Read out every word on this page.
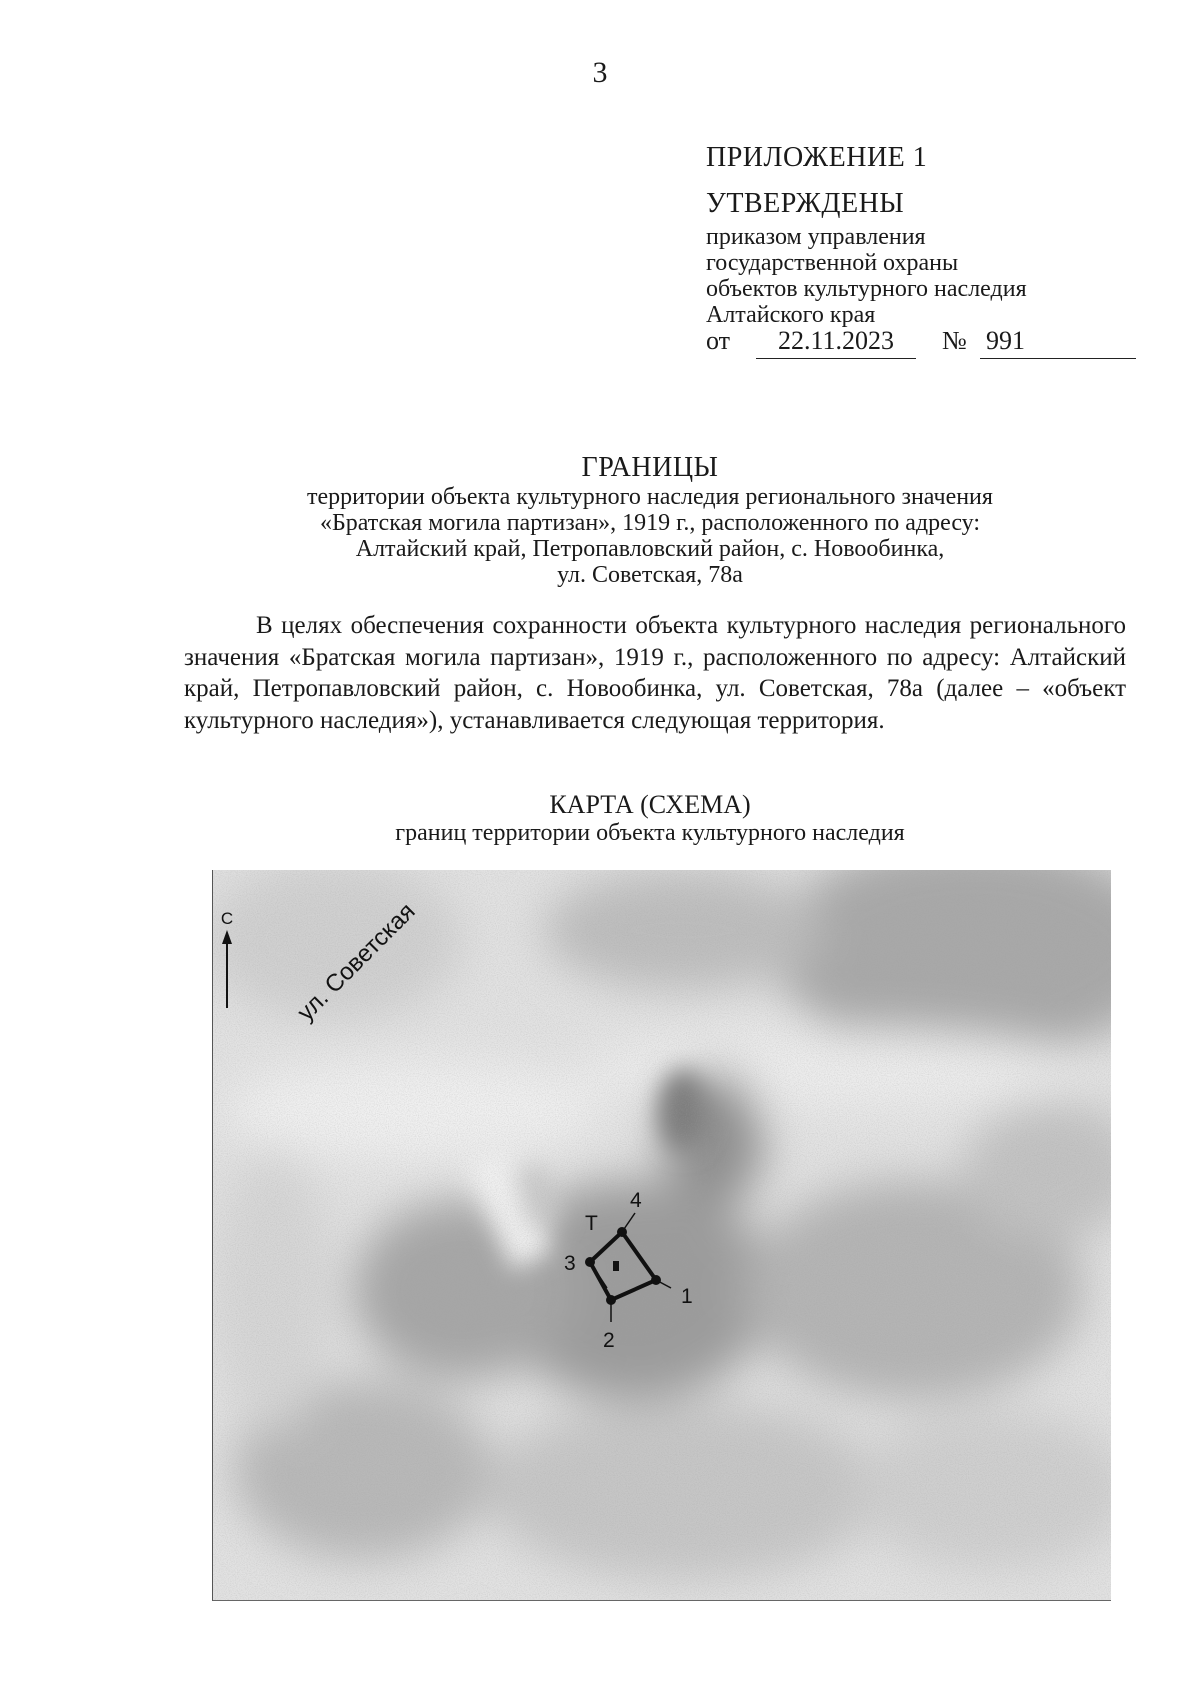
3
ПРИЛОЖЕНИЕ 1
УТВЕРЖДЕНЫ
приказом управления
государственной охраны
объектов культурного наследия
Алтайского края
от	22.11.2023	№ 991
ГРАНИЦЫ
территории объекта культурного наследия регионального значения
«Братская могила партизан», 1919 г., расположенного по адресу:
Алтайский край, Петропавловский район, с. Новообинка,
ул. Советская, 78а

В целях обеспечения сохранности объекта культурного наследия регионального значения «Братская могила партизан», 1919 г., расположенного по адресу: Алтайский край, Петропавловский район, с. Новообинка, ул. Советская, 78а (далее – «объект культурного наследия»), устанавливается следующая территория.

КАРТА (СХЕМА)
границ территории объекта культурного наследия
С ул. Советская
1
2
3
4
Т
